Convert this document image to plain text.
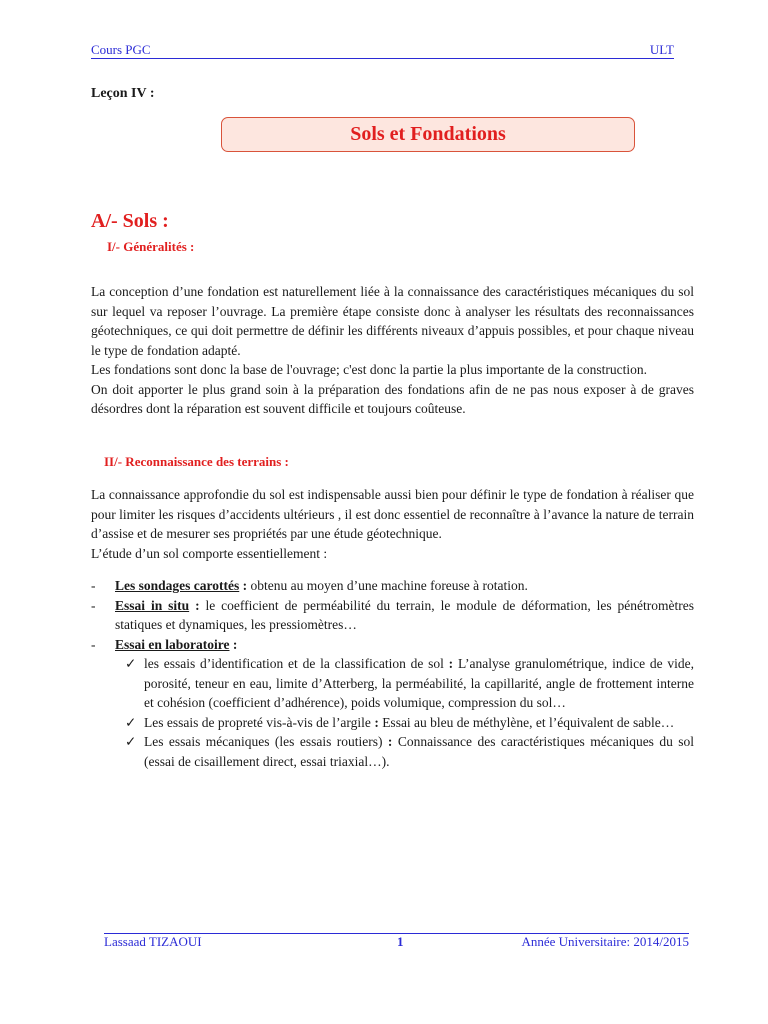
Cours PGC	ULT
Leçon IV :
Sols et Fondations
A/- Sols :
I/- Généralités :

La conception d’une fondation est naturellement liée à la connaissance des caractéristiques mécaniques du sol sur lequel va reposer l’ouvrage. La première étape consiste donc à analyser les résultats des reconnaissances géotechniques, ce qui doit permettre de définir les différents niveaux d’appuis possibles, et pour chaque niveau le type de fondation adapté.

Les fondations sont donc la base de l'ouvrage; c'est donc la partie la plus importante de la construction.

On doit apporter le plus grand soin à la préparation des fondations afin de ne pas nous exposer à de graves désordres dont la réparation est souvent difficile et toujours coûteuse.

II/- Reconnaissance des terrains :

La connaissance approfondie du sol est indispensable aussi bien pour définir le type de fondation à réaliser que pour limiter les risques d’accidents ultérieurs , il est donc essentiel de reconnaître à l’avance la nature de terrain d’assise et de mesurer ses propriétés par une étude géotechnique.

L’étude d’un sol comporte essentiellement :

- Les sondages carottés : obtenu au moyen d’une machine foreuse à rotation.
- Essai in situ : le coefficient de perméabilité du terrain, le module de déformation, les pénétromètres statiques et dynamiques, les pressiomètres…
- Essai en laboratoire :
✓ les essais d’identification et de la classification de sol : L’analyse granulométrique, indice de vide, porosité, teneur en eau, limite d’Atterberg, la perméabilité, la capillarité, angle de frottement interne et cohésion (coefficient d’adhérence), poids volumique, compression du sol…
✓ Les essais de propreté vis-à-vis de l’argile : Essai au bleu de méthylène, et l’équivalent de sable…
✓ Les essais mécaniques (les essais routiers) : Connaissance des caractéristiques mécaniques du sol (essai de cisaillement direct, essai triaxial…).
Lassaad TIZAOUI	1	Année Universitaire: 2014/2015
